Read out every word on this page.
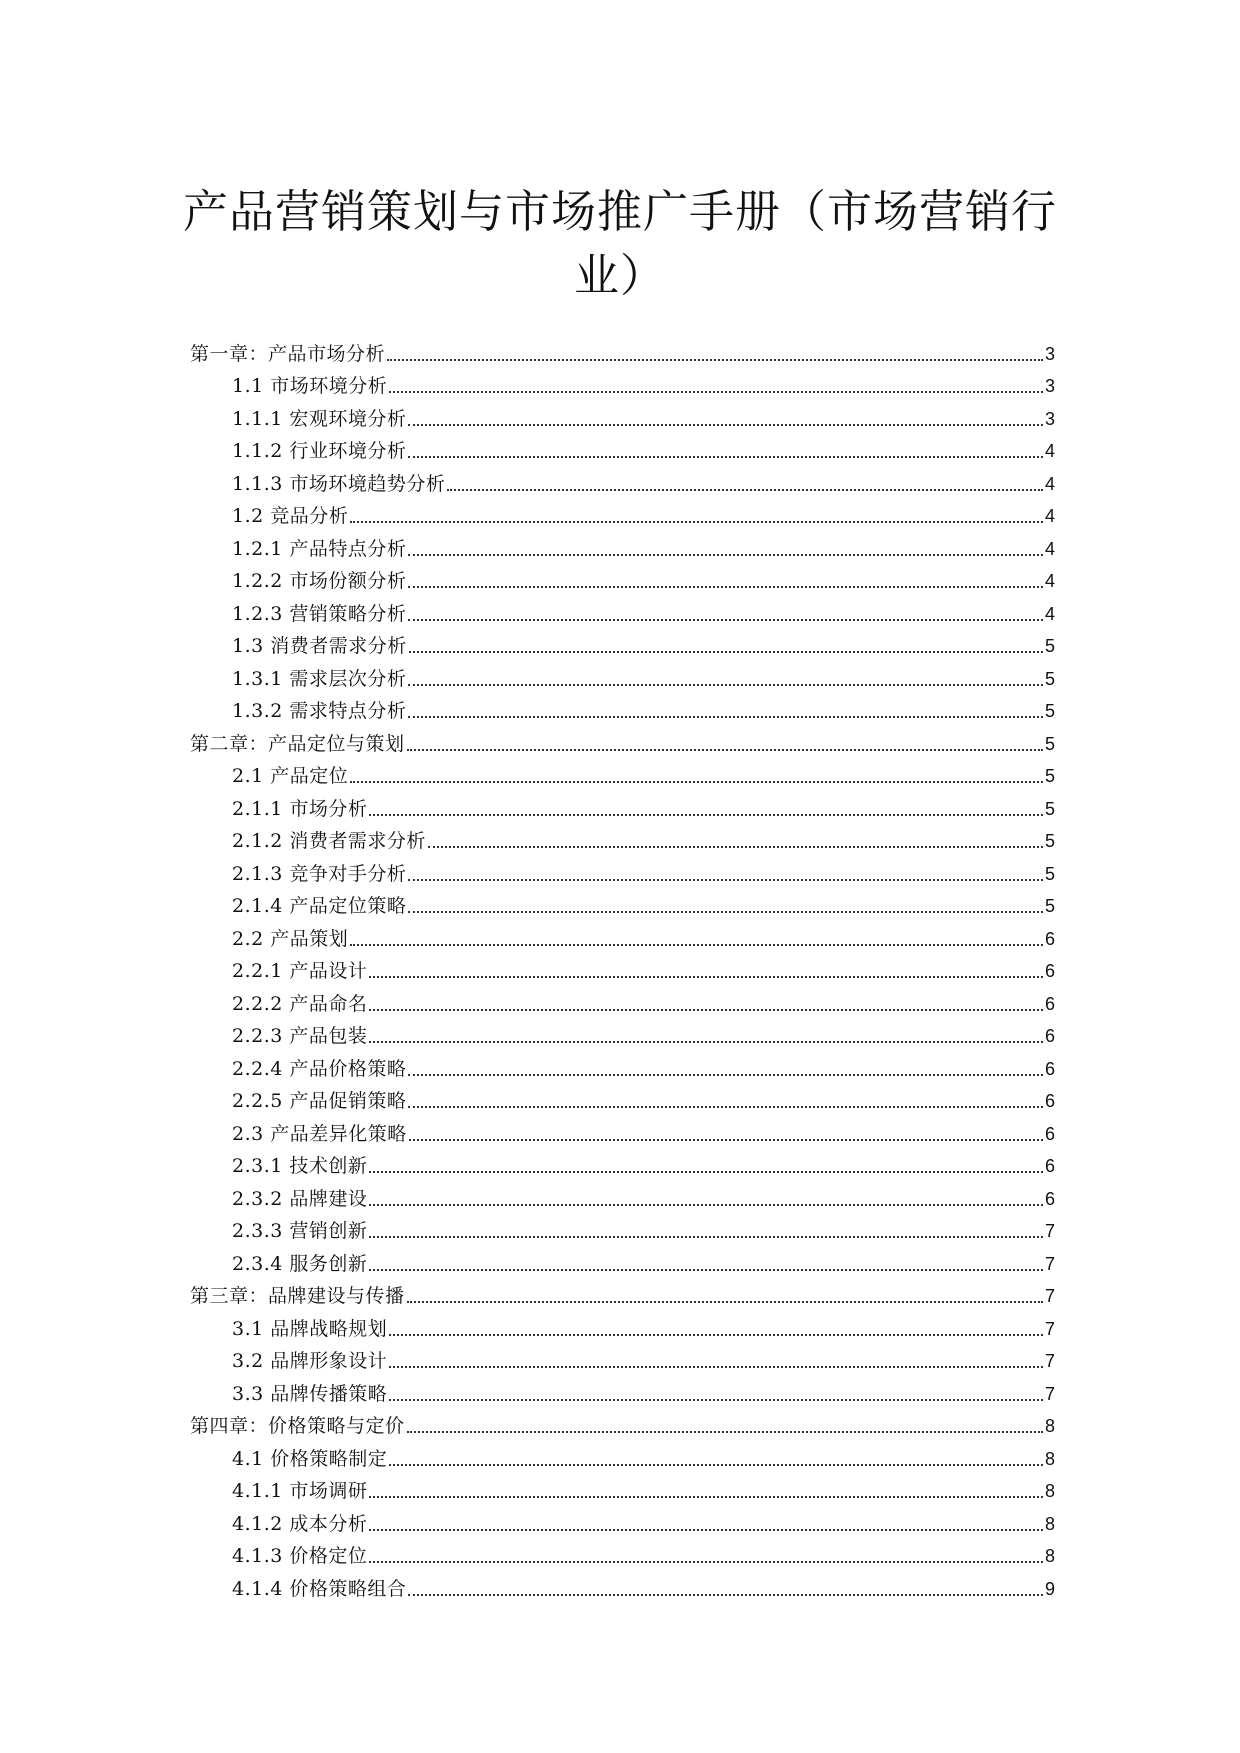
产品营销策划与市场推广手册（市场营销行业）
第一章：产品市场分析	3
1.1 市场环境分析	3
1.1.1 宏观环境分析	3
1.1.2 行业环境分析	4
1.1.3 市场环境趋势分析	4
1.2 竞品分析	4
1.2.1 产品特点分析	4
1.2.2 市场份额分析	4
1.2.3 营销策略分析	4
1.3 消费者需求分析	5
1.3.1 需求层次分析	5
1.3.2 需求特点分析	5
第二章：产品定位与策划	5
2.1 产品定位	5
2.1.1 市场分析	5
2.1.2 消费者需求分析	5
2.1.3 竞争对手分析	5
2.1.4 产品定位策略	5
2.2 产品策划	6
2.2.1 产品设计	6
2.2.2 产品命名	6
2.2.3 产品包装	6
2.2.4 产品价格策略	6
2.2.5 产品促销策略	6
2.3 产品差异化策略	6
2.3.1 技术创新	6
2.3.2 品牌建设	6
2.3.3 营销创新	7
2.3.4 服务创新	7
第三章：品牌建设与传播	7
3.1 品牌战略规划	7
3.2 品牌形象设计	7
3.3 品牌传播策略	7
第四章：价格策略与定价	8
4.1 价格策略制定	8
4.1.1 市场调研	8
4.1.2 成本分析	8
4.1.3 价格定位	8
4.1.4 价格策略组合	9
